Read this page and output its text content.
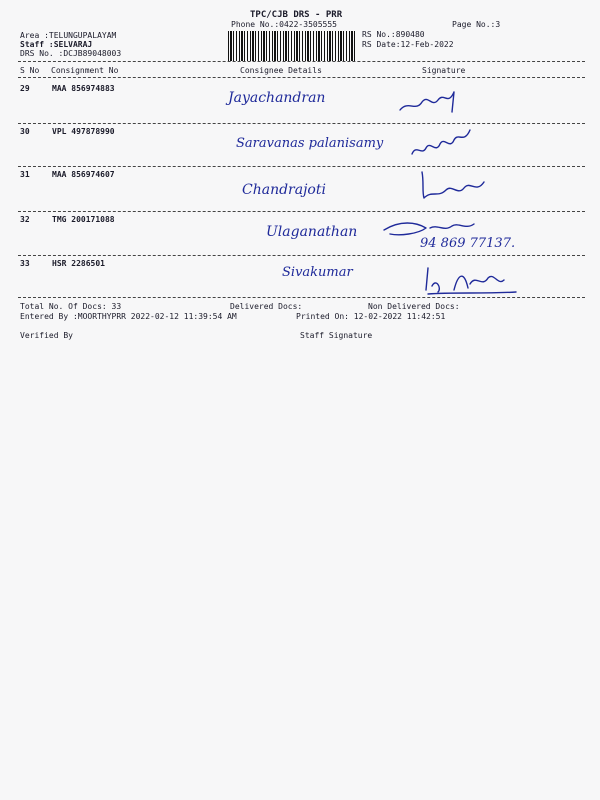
TPC/CJB DRS - PRR
Phone No.:0422-3505555	Page No.:3
Area :TELUNGUPALAYAM
Staff :SELVARAJ
DRS No. :DCJB89048003
RS No.:890480
RS Date:12-Feb-2022
S No Consignment No	Consignee Details	Signature
29	MAA 856974883
Jayachandran
30	VPL 497878990
Saravanas palanisamy
31	MAA 856974607
Chandrajoti
32	TMG 200171088
Ulaganathan
94 869 77137.
33	HSR 2286501
Sivakumar
Total No. Of Docs: 33	Delivered Docs:	Non Delivered Docs:
Entered By :MOORTHYPRR 2022-02-12 11:39:54 AM	Printed On: 12-02-2022 11:42:51
Verified By	Staff Signature
